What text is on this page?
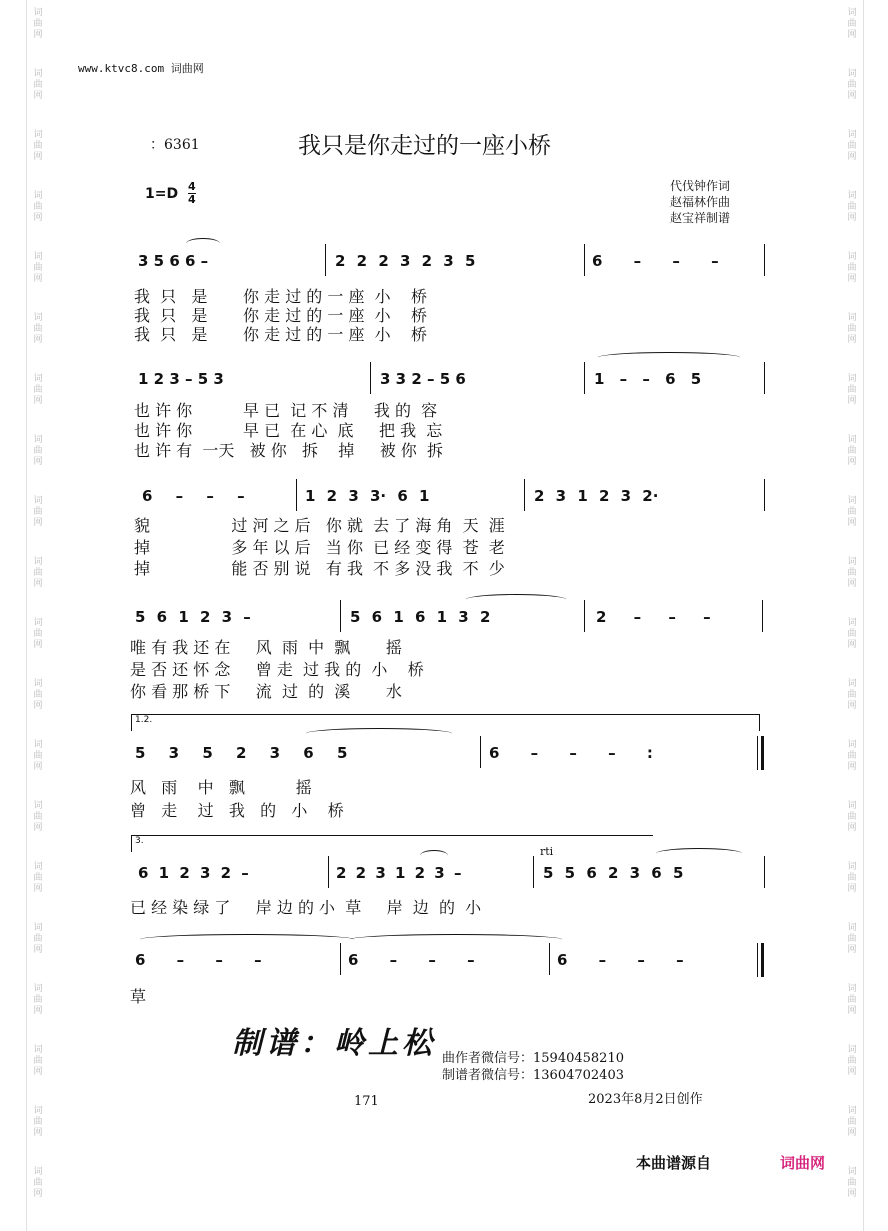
词
曲
网
词
曲
网
词
曲
网
词
曲
网
词
曲
网
词
曲
网
词
曲
网
词
曲
网
词
曲
网
词
曲
网
词
曲
网
词
曲
网
词
曲
网
词
曲
网
词
曲
网
词
曲
网
词
曲
网
词
曲
网
词
曲
网
词
曲
网
词
曲
网
词
曲
网
词
曲
网
词
曲
网
词
曲
网
词
曲
网
词
曲
网
词
曲
网
词
曲
网
词
曲
网
词
曲
网
词
曲
网
词
曲
网
词
曲
网
词
曲
网
词
曲
网
词
曲
网
词
曲
网
词
曲
网
词
曲
网
www.ktvc8.com 词曲网
：6361	我只是你走过的一座小桥
1=D 4
4
代伐钟作词
赵福林作曲
赵宝祥制谱
3 5 6 6 –	2 2 2 3 2 3 5	6 – – –
我  只   是       你 走 过 的 一 座  小    桥
我  只   是       你 走 过 的 一 座  小    桥
我  只   是       你 走 过 的 一 座  小    桥
1 2 3 – 5 3	3 3 2 – 5 6	1 – – 6 5
也 许 你          早 已  记 不 清     我 的  容
也 许 你          早 已  在 心  底     把 我  忘
也 许 有  一天   被 你   拆    掉     被 你  拆
6 – – –	1 2 3 3· 6 1	2 3 1 2 3 2·
貌                过 河 之 后   你 就  去 了 海 角  天  涯
掉                多 年 以 后   当 你  已 经 变 得  苍  老
掉                能 否 别 说   有 我  不 多 没 我  不  少
5 6 1 2 3 –	5 6 1 6 1 3 2	2 – – –
唯 有 我 还 在     风  雨  中  飘       摇
是 否 还 怀 念     曾 走  过 我 的  小    桥
你 看 那 桥 下     流  过  的  溪       水
1.2.
5 3 5 2 3 6 5	6 – – – :
风   雨    中   飘          摇
曾   走    过   我   的   小    桥
3.
rti
6 1 2 3 2 –	2 2 3 1 2 3 –	5 5 6 2 3 6 5
已 经 染 绿 了     岸 边 的 小  草     岸  边  的  小
6 – – –	6 – – –	6 – – –
草
制谱：岭上松 曲作者微信号：15940458210
制谱者微信号：13604702403
171	2023年8月2日创作
本曲谱源自	词曲网
